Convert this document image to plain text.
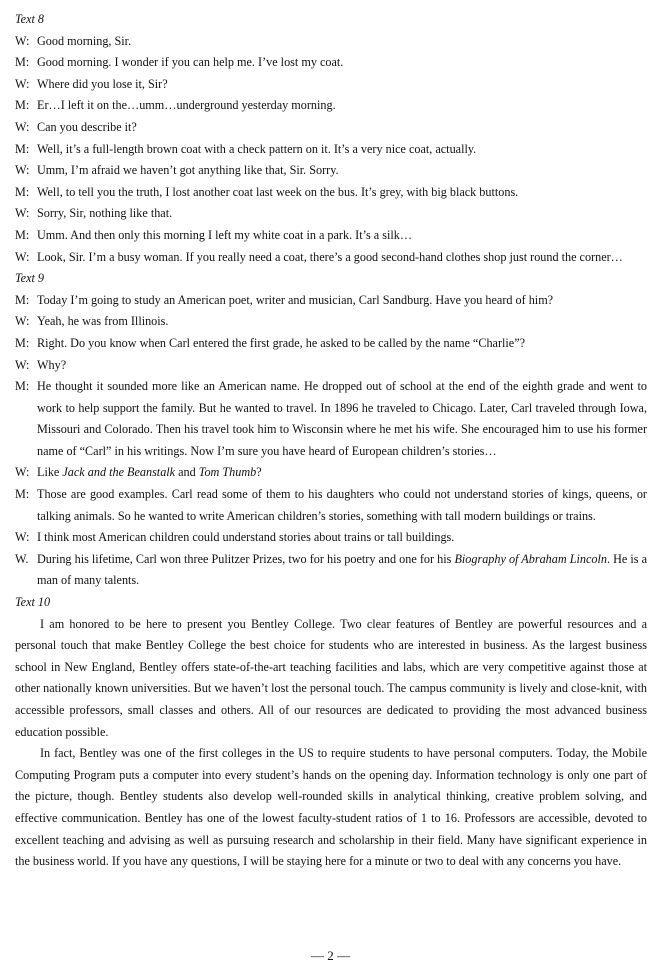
Text 8
W: Good morning, Sir.
M: Good morning. I wonder if you can help me. I’ve lost my coat.
W: Where did you lose it, Sir?
M: Er…I left it on the…umm…underground yesterday morning.
W: Can you describe it?
M: Well, it’s a full-length brown coat with a check pattern on it. It’s a very nice coat, actually.
W: Umm, I’m afraid we haven’t got anything like that, Sir. Sorry.
M: Well, to tell you the truth, I lost another coat last week on the bus. It’s grey, with big black buttons.
W: Sorry, Sir, nothing like that.
M: Umm. And then only this morning I left my white coat in a park. It’s a silk…
W: Look, Sir. I’m a busy woman. If you really need a coat, there’s a good second-hand clothes shop just round the corner…
Text 9
M: Today I’m going to study an American poet, writer and musician, Carl Sandburg. Have you heard of him?
W: Yeah, he was from Illinois.
M: Right. Do you know when Carl entered the first grade, he asked to be called by the name “Charlie”?
W: Why?
M: He thought it sounded more like an American name. He dropped out of school at the end of the eighth grade and went to work to help support the family. But he wanted to travel. In 1896 he traveled to Chicago. Later, Carl traveled through Iowa, Missouri and Colorado. Then his travel took him to Wisconsin where he met his wife. She encouraged him to use his former name of “Carl” in his writings. Now I’m sure you have heard of European children’s stories…
W: Like Jack and the Beanstalk and Tom Thumb?
M: Those are good examples. Carl read some of them to his daughters who could not understand stories of kings, queens, or talking animals. So he wanted to write American children’s stories, something with tall modern buildings or trains.
W: I think most American children could understand stories about trains or tall buildings.
W. During his lifetime, Carl won three Pulitzer Prizes, two for his poetry and one for his Biography of Abraham Lincoln. He is a man of many talents.
Text 10
I am honored to be here to present you Bentley College. Two clear features of Bentley are powerful resources and a personal touch that make Bentley College the best choice for students who are interested in business. As the largest business school in New England, Bentley offers state-of-the-art teaching facilities and labs, which are very competitive against those at other nationally known universities. But we haven’t lost the personal touch. The campus community is lively and close-knit, with accessible professors, small classes and others. All of our resources are dedicated to providing the most advanced business education possible.
In fact, Bentley was one of the first colleges in the US to require students to have personal computers. Today, the Mobile Computing Program puts a computer into every student’s hands on the opening day. Information technology is only one part of the picture, though. Bentley students also develop well-rounded skills in analytical thinking, creative problem solving, and effective communication. Bentley has one of the lowest faculty-student ratios of 1 to 16. Professors are accessible, devoted to excellent teaching and advising as well as pursuing research and scholarship in their field. Many have significant experience in the business world. If you have any questions, I will be staying here for a minute or two to deal with any concerns you have.
— 2 —
